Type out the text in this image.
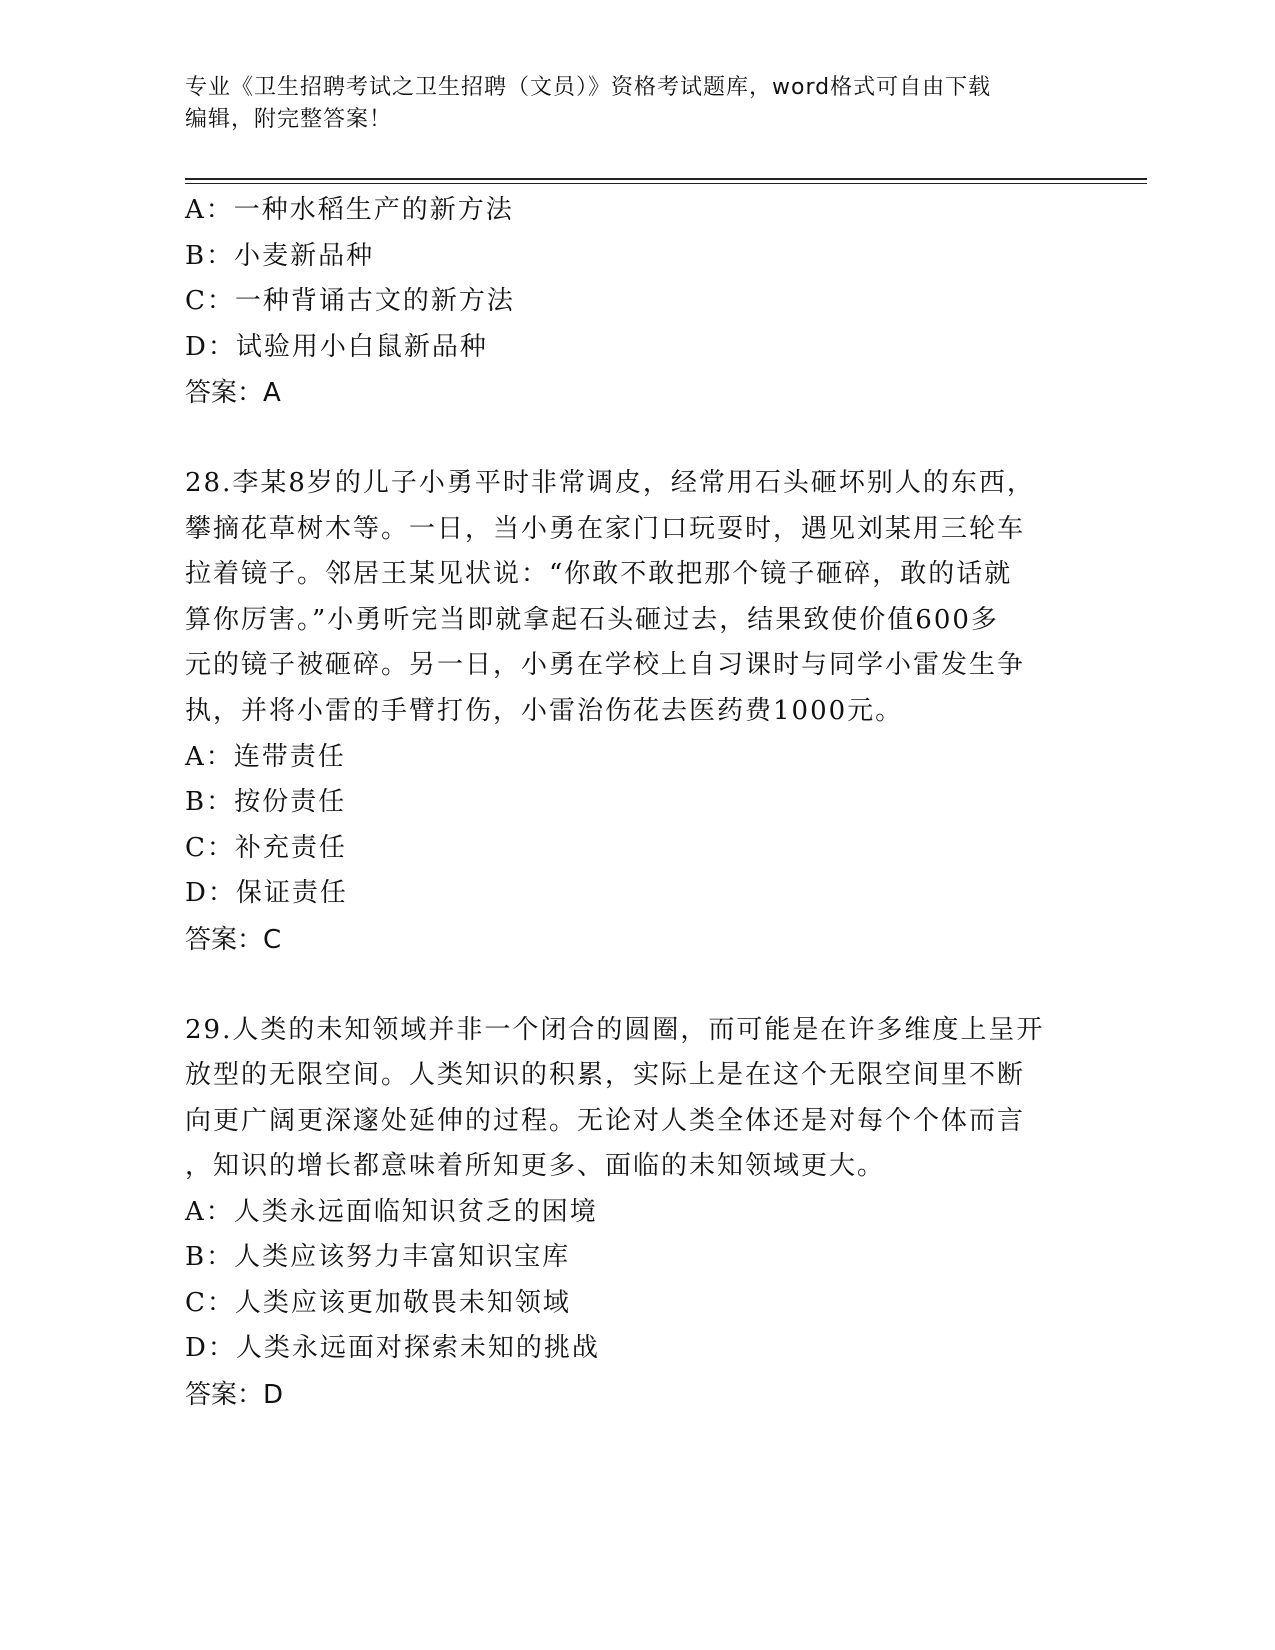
专业《卫生招聘考试之卫生招聘（文员）》资格考试题库，word格式可自由下载
编辑，附完整答案！

A：一种水稻生产的新方法

B：小麦新品种

C：一种背诵古文的新方法

D：试验用小白鼠新品种

答案：A

28.李某8岁的儿子小勇平时非常调皮，经常用石头砸坏别人的东西，

攀摘花草树木等。一日，当小勇在家门口玩耍时，遇见刘某用三轮车

拉着镜子。邻居王某见状说：“你敢不敢把那个镜子砸碎，敢的话就

算你厉害。”小勇听完当即就拿起石头砸过去，结果致使价值600多

元的镜子被砸碎。另一日，小勇在学校上自习课时与同学小雷发生争

执，并将小雷的手臂打伤，小雷治伤花去医药费1000元。

A：连带责任

B：按份责任

C：补充责任

D：保证责任

答案：C

29.人类的未知领域并非一个闭合的圆圈，而可能是在许多维度上呈开

放型的无限空间。人类知识的积累，实际上是在这个无限空间里不断

向更广阔更深邃处延伸的过程。无论对人类全体还是对每个个体而言

，知识的增长都意味着所知更多、面临的未知领域更大。

A：人类永远面临知识贫乏的困境

B：人类应该努力丰富知识宝库

C：人类应该更加敬畏未知领域

D：人类永远面对探索未知的挑战

答案：D
